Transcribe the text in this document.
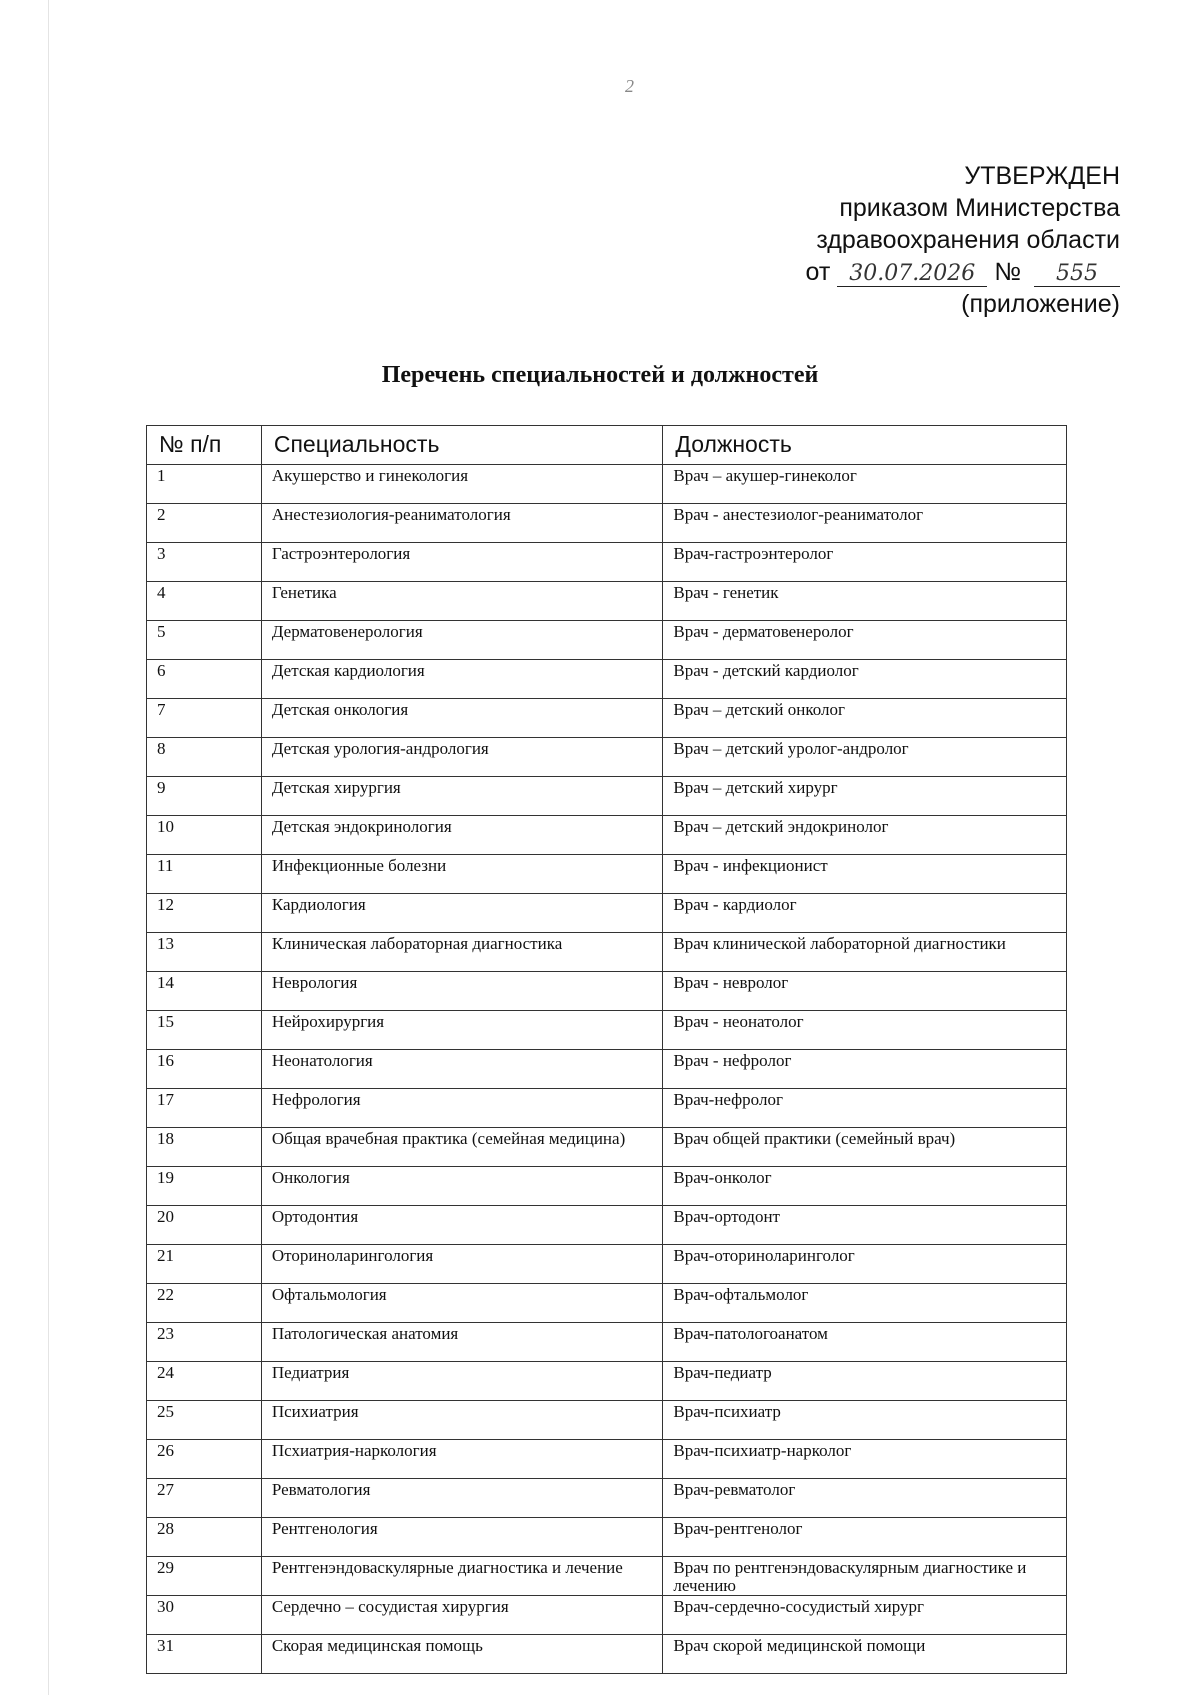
2
УТВЕРЖДЕН
приказом Министерства
здравоохранения области
от 30.07.2026 № 555
(приложение)
Перечень специальностей и должностей
№ п/п	Специальность	Должность
1	Акушерство и гинекология	Врач – акушер-гинеколог
2	Анестезиология-реаниматология	Врач - анестезиолог-реаниматолог
3	Гастроэнтерология	Врач-гастроэнтеролог
4	Генетика	Врач - генетик
5	Дерматовенерология	Врач - дерматовенеролог
6	Детская кардиология	Врач - детский кардиолог
7	Детская онкология	Врач – детский онколог
8	Детская урология-андрология	Врач – детский уролог-андролог
9	Детская хирургия	Врач – детский хирург
10	Детская эндокринология	Врач – детский эндокринолог
11	Инфекционные болезни	Врач - инфекционист
12	Кардиология	Врач - кардиолог
13	Клиническая лабораторная диагностика	Врач клинической лабораторной диагностики
14	Неврология	Врач - невролог
15	Нейрохирургия	Врач - неонатолог
16	Неонатология	Врач - нефролог
17	Нефрология	Врач-нефролог
18	Общая врачебная практика (семейная медицина)	Врач общей практики (семейный врач)
19	Онкология	Врач-онколог
20	Ортодонтия	Врач-ортодонт
21	Оториноларингология	Врач-оториноларинголог
22	Офтальмология	Врач-офтальмолог
23	Патологическая анатомия	Врач-патологоанатом
24	Педиатрия	Врач-педиатр
25	Психиатрия	Врач-психиатр
26	Псхиатрия-наркология	Врач-психиатр-нарколог
27	Ревматология	Врач-ревматолог
28	Рентгенология	Врач-рентгенолог
29	Рентгенэндоваскулярные диагностика и лечение	Врач по рентгенэндоваскулярным диагностике и лечению
30	Сердечно – сосудистая хирургия	Врач-сердечно-сосудистый хирург
31	Скорая медицинская помощь	Врач скорой медицинской помощи
